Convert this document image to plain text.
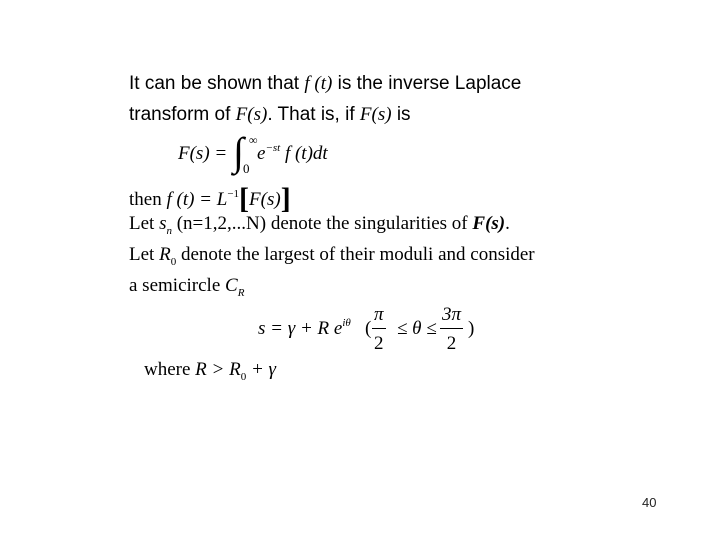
It can be shown that f (t) is the inverse Laplace
transform of F(s). That is, if F(s) is
F(s) = ∫ ∞
0
$e^{-st}$ f (t)dt
then f $(t) = L^{-1}[F(s)]$
Let $s_n$ (n=1,2,...N) denote the singularities of F(s).
Let $R_0$ denote the largest of their moduli and consider
a semicircle $C_R$
s = γ + R $e^{i\theta}$ ( $\frac{\pi}{2} \le \theta \le \frac{3\pi}{2}$ )
where $R > R_0 + \gamma$
40
